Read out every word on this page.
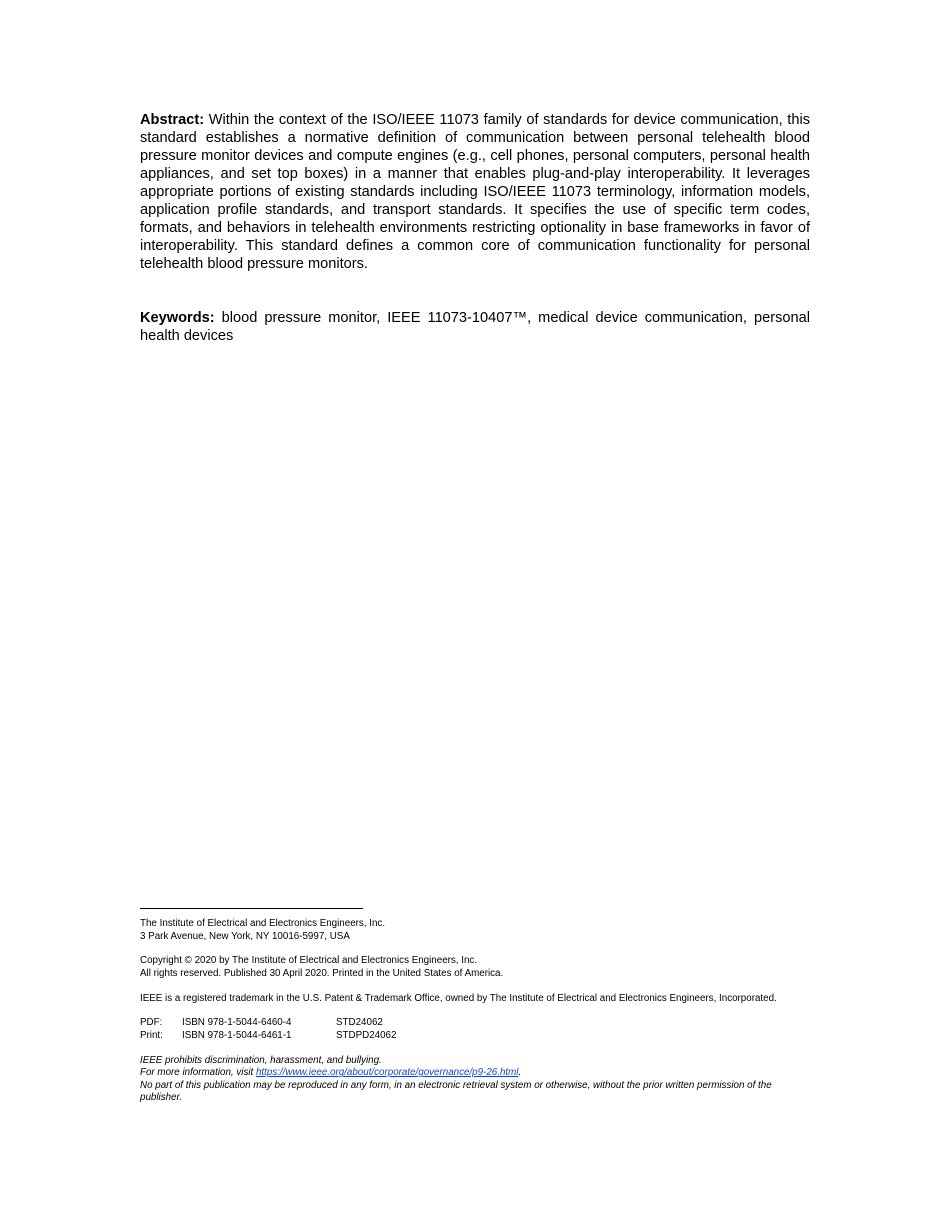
Abstract: Within the context of the ISO/IEEE 11073 family of standards for device communication, this standard establishes a normative definition of communication between personal telehealth blood pressure monitor devices and compute engines (e.g., cell phones, personal computers, personal health appliances, and set top boxes) in a manner that enables plug-and-play interoperability. It leverages appropriate portions of existing standards including ISO/IEEE 11073 terminology, information models, application profile standards, and transport standards. It specifies the use of specific term codes, formats, and behaviors in telehealth environments restricting optionality in base frameworks in favor of interoperability. This standard defines a common core of communication functionality for personal telehealth blood pressure monitors.

Keywords: blood pressure monitor, IEEE 11073-10407™, medical device communication, personal health devices

The Institute of Electrical and Electronics Engineers, Inc.
3 Park Avenue, New York, NY 10016-5997, USA

Copyright © 2020 by The Institute of Electrical and Electronics Engineers, Inc.
All rights reserved. Published 30 April 2020. Printed in the United States of America.

IEEE is a registered trademark in the U.S. Patent & Trademark Office, owned by The Institute of Electrical and Electronics Engineers, Incorporated.

PDF:	ISBN 978-1-5044-6460-4	STD24062
Print:	ISBN 978-1-5044-6461-1	STDPD24062

IEEE prohibits discrimination, harassment, and bullying.
For more information, visit https://www.ieee.org/about/corporate/governance/p9-26.html.
No part of this publication may be reproduced in any form, in an electronic retrieval system or otherwise, without the prior written permission of the publisher.
